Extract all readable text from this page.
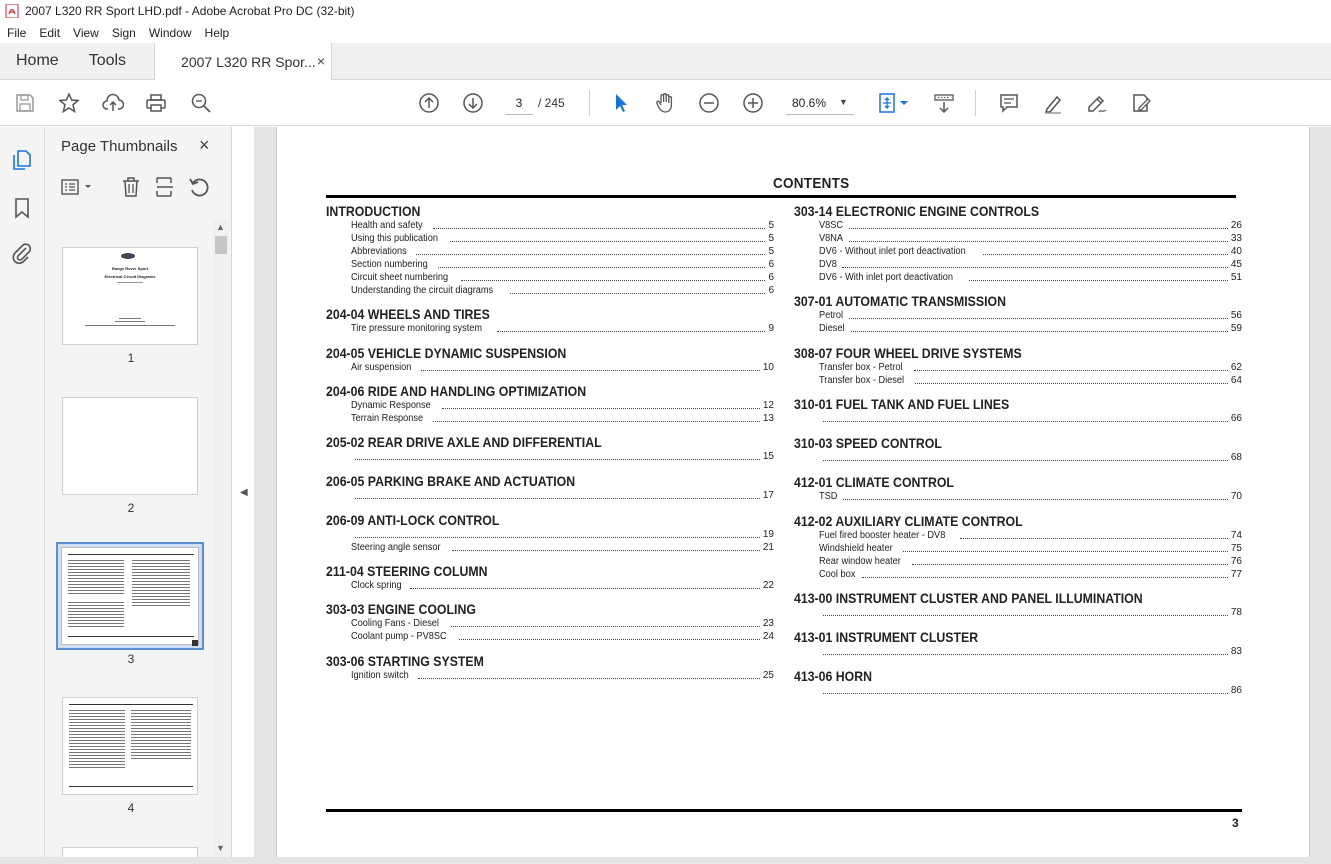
2007 L320 RR Sport LHD.pdf - Adobe Acrobat Pro DC (32-bit)
File	Edit	View	Sign	Window	Help
Home	Tools	2007 L320 RR Spor... ×
3	/ 245	80.6%	▼
Page Thumbnails ×
Range Rover Sport
Electrical Circuit Diagrams
1
2
3
4
▲
▼
◀
CONTENTS
INTRODUCTION
Health and safety	5
Using this publication	5
Abbreviations	5
Section numbering	6
Circuit sheet numbering	6
Understanding the circuit diagrams	6
204-04 WHEELS AND TIRES
Tire pressure monitoring system	9
204-05 VEHICLE DYNAMIC SUSPENSION
Air suspension	10
204-06 RIDE AND HANDLING OPTIMIZATION
Dynamic Response	12
Terrain Response	13
205-02 REAR DRIVE AXLE AND DIFFERENTIAL
15
206-05 PARKING BRAKE AND ACTUATION
17
206-09 ANTI-LOCK CONTROL
19
Steering angle sensor	21
211-04 STEERING COLUMN
Clock spring	22
303-03 ENGINE COOLING
Cooling Fans - Diesel	23
Coolant pump - PV8SC	24
303-06 STARTING SYSTEM
Ignition switch	25
303-14 ELECTRONIC ENGINE CONTROLS
V8SC	26
V8NA	33
DV6 - Without inlet port deactivation	40
DV8	45
DV6 - With inlet port deactivation	51
307-01 AUTOMATIC TRANSMISSION
Petrol	56
Diesel	59
308-07 FOUR WHEEL DRIVE SYSTEMS
Transfer box - Petrol	62
Transfer box - Diesel	64
310-01 FUEL TANK AND FUEL LINES
66
310-03 SPEED CONTROL
68
412-01 CLIMATE CONTROL
TSD	70
412-02 AUXILIARY CLIMATE CONTROL
Fuel fired booster heater - DV8	74
Windshield heater	75
Rear window heater	76
Cool box	77
413-00 INSTRUMENT CLUSTER AND PANEL ILLUMINATION
78
413-01 INSTRUMENT CLUSTER
83
413-06 HORN
86
3
